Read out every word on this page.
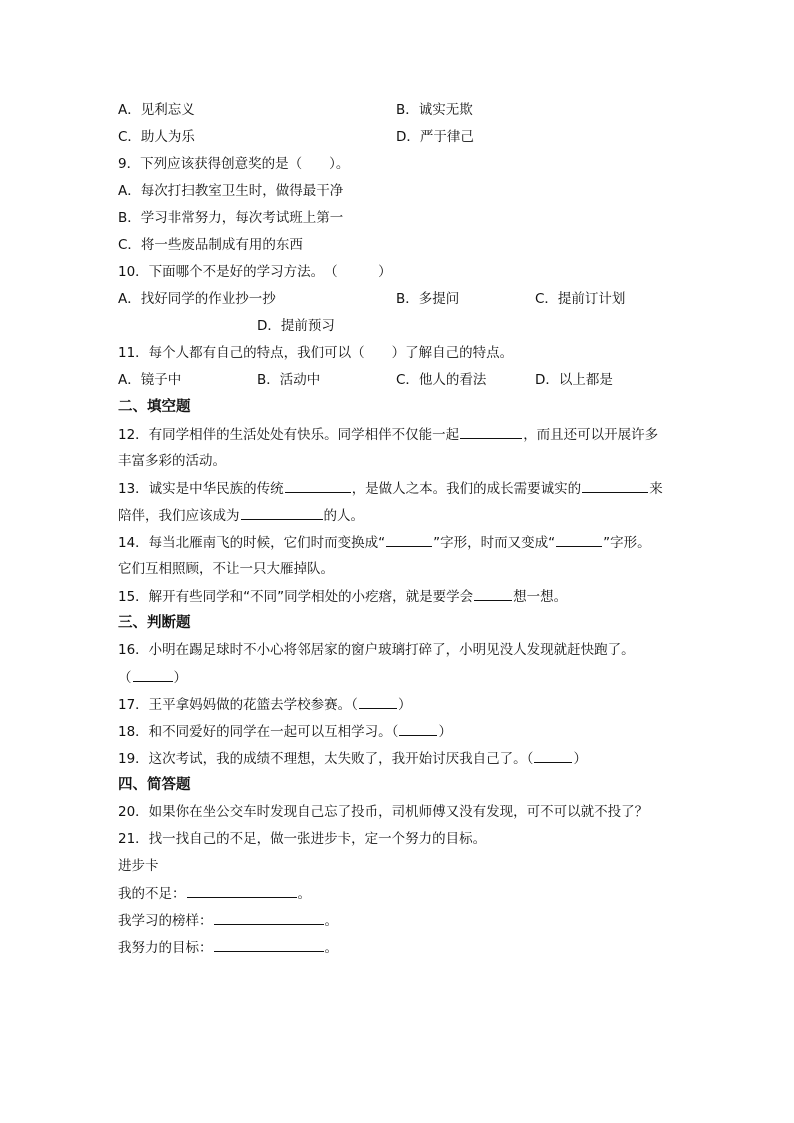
A．见利忘义	B．诚实无欺
C．助人为乐	D．严于律己
9．下列应该获得创意奖的是（　　）。
A．每次打扫教室卫生时，做得最干净
B．学习非常努力，每次考试班上第一
C．将一些废品制成有用的东西
10．下面哪个不是好的学习方法。　（　　　）
A．找好同学的作业抄一抄	B．多提问	C．提前订计划
D．提前预习
11．每个人都有自己的特点，我们可以（　　）了解自己的特点。
A．镜子中	B．活动中	C．他人的看法	D．以上都是
二、填空题
12．有同学相伴的生活处处有快乐。同学相伴不仅能一起	，而且还可以开展许多
丰富多彩的活动。
13．诚实是中华民族的传统	，是做人之本。我们的成长需要诚实的	来
陪伴，我们应该成为	的人。
14．每当北雁南飞的时候，它们时而变换成“	”字形，时而又变成“	”字形。
它们互相照顾，不让一只大雁掉队。
15．解开有些同学和“不同”同学相处的小疙瘩，就是要学会	想一想。
三、判断题
16．小明在踢足球时不小心将邻居家的窗户玻璃打碎了，小明见没人发现就赶快跑了。
（	）
17．王平拿妈妈做的花篮去学校参赛。（	）
18．和不同爱好的同学在一起可以互相学习。（	）
19．这次考试，我的成绩不理想，太失败了，我开始讨厌我自己了。（	）
四、简答题
20．如果你在坐公交车时发现自己忘了投币，司机师傅又没有发现，可不可以就不投了？
21．找一找自己的不足，做一张进步卡，定一个努力的目标。
进步卡
我的不足：	。
我学习的榜样：	。
我努力的目标：	。
